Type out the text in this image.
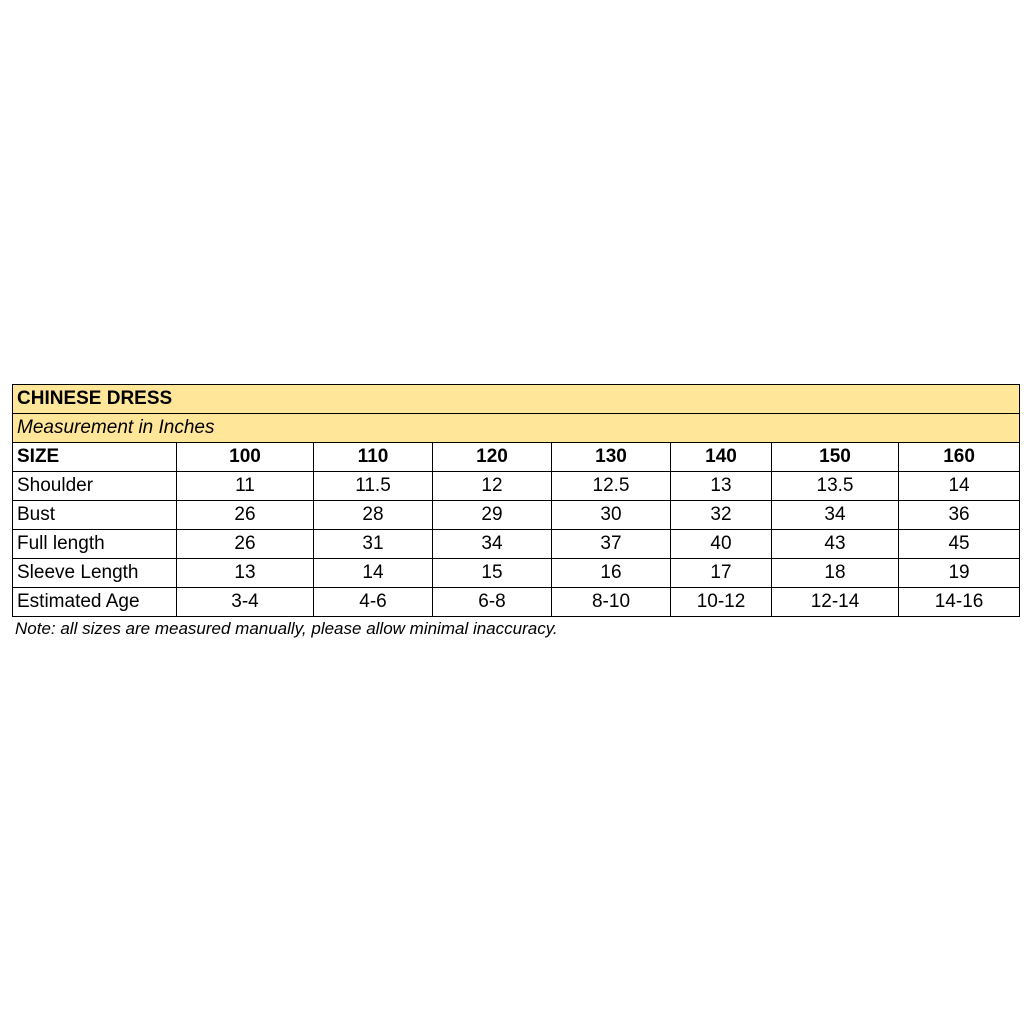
CHINESE DRESS							
Measurement in Inches							
SIZE	100	110	120	130	140	150	160
Shoulder	11	11.5	12	12.5	13	13.5	14
Bust	26	28	29	30	32	34	36
Full length	26	31	34	37	40	43	45
Sleeve Length	13	14	15	16	17	18	19
Estimated Age	3-4	4-6	6-8	8-10	10-12	12-14	14-16
Note: all sizes are measured manually, please allow minimal inaccuracy.
